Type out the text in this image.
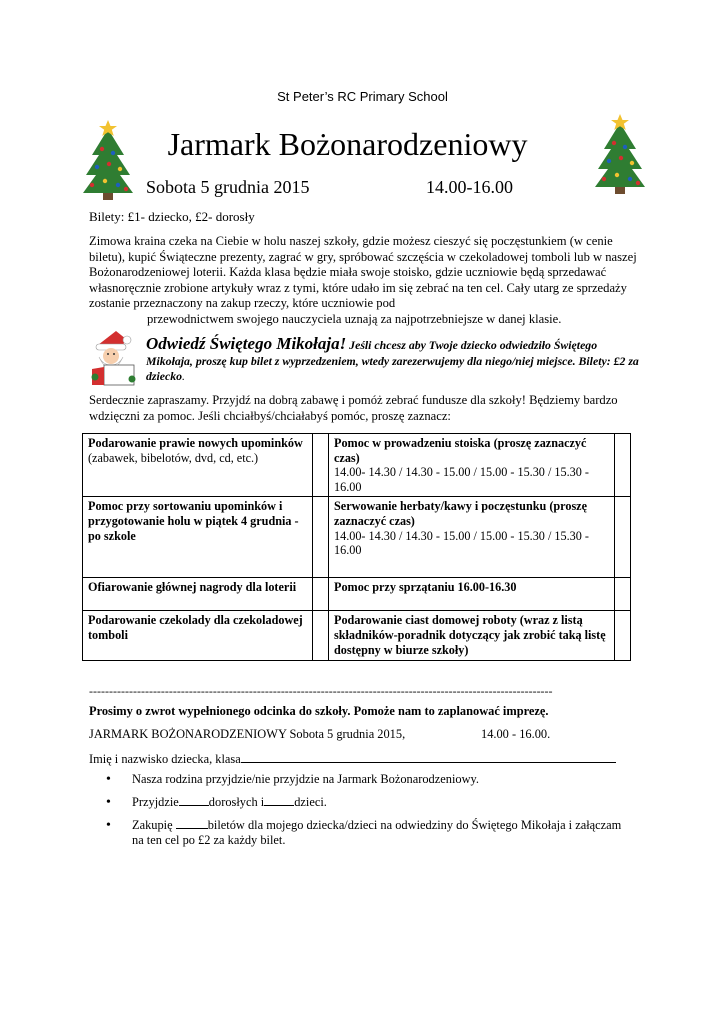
St Peter’s RC Primary School
Jarmark Bożonarodzeniowy
Sobota 5 grudnia 2015	14.00-16.00
Bilety: £1- dziecko, £2- dorosły

Zimowa kraina czeka na Ciebie w holu naszej szkoły, gdzie możesz cieszyć się poczęstunkiem (w cenie biletu), kupić Świąteczne prezenty, zagrać w gry, spróbować szczęścia w czekoladowej tomboli lub w naszej Bożonarodzeniowej loterii. Każda klasa będzie miała swoje stoisko, gdzie uczniowie będą sprzedawać własnoręcznie zrobione artykuły wraz z tymi, które udało im się zebrać na ten cel. Cały utarg ze sprzedaży zostanie przeznaczony na zakup rzeczy, które uczniowie pod
przewodnictwem swojego nauczyciela uznają za najpotrzebniejsze w danej klasie.

Odwiedź Świętego Mikołaja! Jeśli chcesz aby Twoje dziecko odwiedziło Świętego Mikołaja, proszę kup bilet z wyprzedzeniem, wtedy zarezerwujemy dla niego/niej miejsce. Bilety: £2 za dziecko.
Serdecznie zapraszamy. Przyjdź na dobrą zabawę i pomóż zebrać fundusze dla szkoły! Będziemy bardzo wdzięczni za pomoc. Jeśli chciałbyś/chciałabyś pomóc, proszę zaznacz:
Podarowanie prawie nowych upominków (zabawek, bibelotów, dvd, cd, etc.)		Pomoc w prowadzeniu stoiska (proszę zaznaczyć czas)
14.00- 14.30 / 14.30 - 15.00 / 15.00 - 15.30 / 15.30 - 16.00	

Pomoc przy sortowaniu upominków i przygotowanie holu w piątek 4 grudnia - po szkole		Serwowanie herbaty/kawy i poczęstunku (proszę zaznaczyć czas)
14.00- 14.30 / 14.30 - 15.00 / 15.00 - 15.30 / 15.30 - 16.00	

Ofiarowanie głównej nagrody dla loterii		Pomoc przy sprzątaniu 16.00-16.30	
Podarowanie czekolady dla czekoladowej tomboli		Podarowanie ciast domowej roboty (wraz z listą składników-poradnik dotyczący jak zrobić taką listę dostępny w biurze szkoły)	
--------------------------------------------------------------------------------------------------------------------
Prosimy o zwrot wypełnionego odcinka do szkoły. Pomoże nam to zaplanować imprezę.
JARMARK BOŻONARODZENIOWY Sobota 5 grudnia 2015,	14.00 - 16.00.
Imię i nazwisko dziecka, klasa
• Nasza rodzina przyjdzie/nie przyjdzie na Jarmark Bożonarodzeniowy.
• Przyjdzie dorosłych i dzieci.
• Zakupię	biletów dla mojego dziecka/dzieci na odwiedziny do Świętego Mikołaja i załączam na ten cel po £2 za każdy bilet.
